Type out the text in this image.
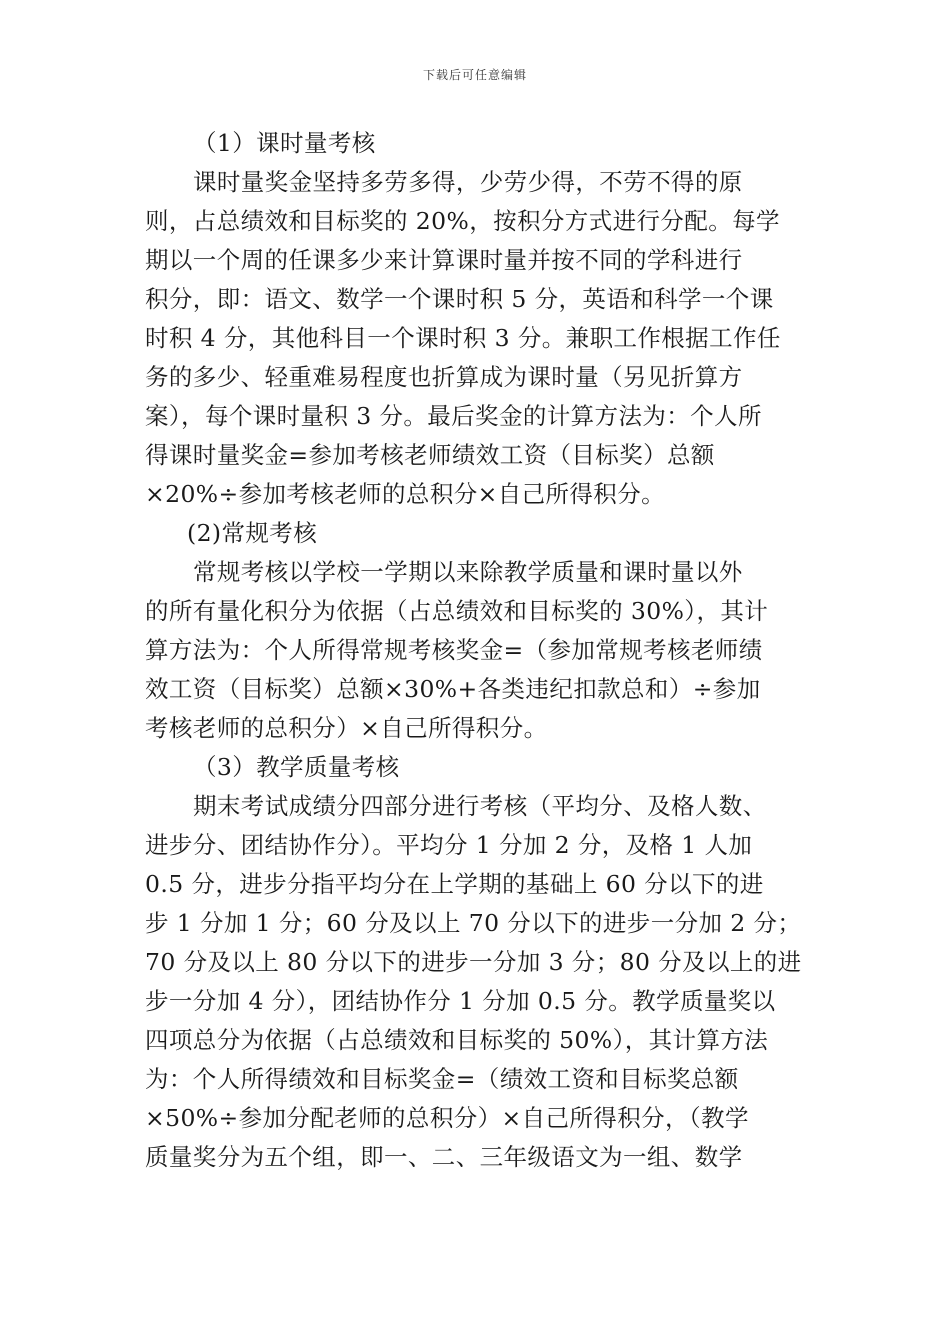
下载后可任意编辑
（1）课时量考核
课时量奖金坚持多劳多得，少劳少得，不劳不得的原
则，占总绩效和目标奖的 20%，按积分方式进行分配。每学
期以一个周的任课多少来计算课时量并按不同的学科进行
积分，即：语文、数学一个课时积 5 分，英语和科学一个课
时积 4 分，其他科目一个课时积 3 分。兼职工作根据工作任
务的多少、轻重难易程度也折算成为课时量（另见折算方
案），每个课时量积 3 分。最后奖金的计算方法为：个人所
得课时量奖金=参加考核老师绩效工资（目标奖）总额
×20%÷参加考核老师的总积分×自己所得积分。
(2)常规考核
常规考核以学校一学期以来除教学质量和课时量以外
的所有量化积分为依据（占总绩效和目标奖的 30%），其计
算方法为：个人所得常规考核奖金=（参加常规考核老师绩
效工资（目标奖）总额×30%+各类违纪扣款总和）÷参加
考核老师的总积分）×自己所得积分。
（3）教学质量考核
期末考试成绩分四部分进行考核（平均分、及格人数、
进步分、团结协作分）。平均分 1 分加 2 分，及格 1 人加
0.5 分，进步分指平均分在上学期的基础上 60 分以下的进
步 1 分加 1 分；60 分及以上 70 分以下的进步一分加 2 分；
70 分及以上 80 分以下的进步一分加 3 分；80 分及以上的进
步一分加 4 分），团结协作分 1 分加 0.5 分。教学质量奖以
四项总分为依据（占总绩效和目标奖的 50%），其计算方法
为：个人所得绩效和目标奖金=（绩效工资和目标奖总额
×50%÷参加分配老师的总积分）×自己所得积分，（教学
质量奖分为五个组，即一、二、三年级语文为一组、数学
